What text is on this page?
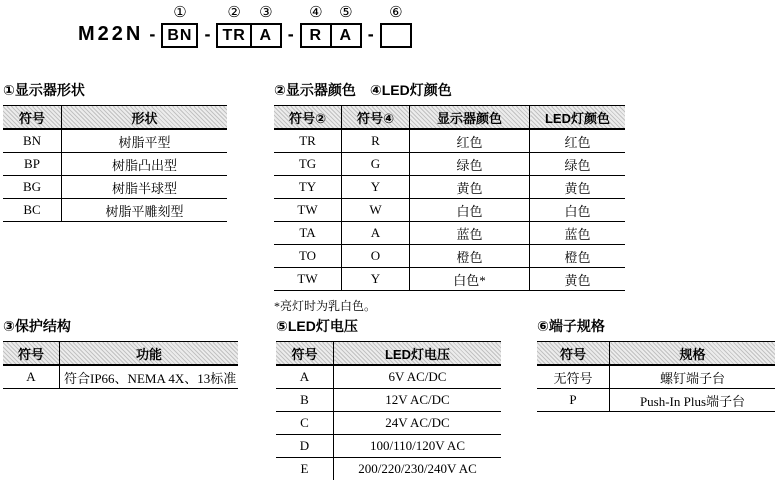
M22N -
①
BN -
②
TR
③
A -
④
R
⑤
A -
⑥
①显示器形状
符号	形状
BN	树脂平型
BP	树脂凸出型
BG	树脂半球型
BC	树脂平雕刻型
②显示器颜色　④LED灯颜色
符号②	符号④	显示器颜色	LED灯颜色
TR	R	红色	红色
TG	G	绿色	绿色
TY	Y	黄色	黄色
TW	W	白色	白色
TA	A	蓝色	蓝色
TO	O	橙色	橙色
TW	Y	白色*	黄色
*亮灯时为乳白色。
③保护结构
符号	功能
A	符合IP66、NEMA 4X、13标准
⑤LED灯电压
符号	LED灯电压
A	6V AC/DC
B	12V AC/DC
C	24V AC/DC
D	100/110/120V AC
E	200/220/230/240V AC
⑥端子规格
符号	规格
无符号	螺钉端子台
P	Push-In Plus端子台
